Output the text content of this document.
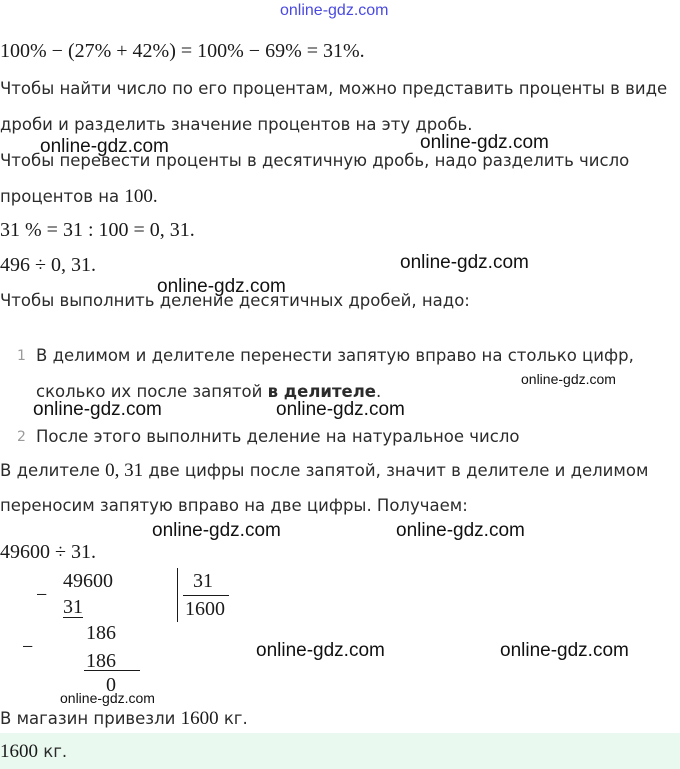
online-gdz.com
100% − (27% + 42%) = 100% − 69% = 31%.
Чтобы найти число по его процентам, можно представить проценты в виде
дроби и разделить значение процентов на эту дробь.
online-gdz.com	online-gdz.com
Чтобы перевести проценты в десятичную дробь, надо разделить число
процентов на 100.
31 % = 31 : 100 = 0, 31.
496 ÷ 0, 31.	online-gdz.com
online-gdz.com
Чтобы выполнить деление десятичных дробей, надо:
1 В делимом и делителе перенести запятую вправо на столько цифр,
сколько их после запятой в делителе.
online-gdz.com
online-gdz.com	online-gdz.com
2 После этого выполнить деление на натуральное число
В делителе 0, 31 две цифры после запятой, значит в делителе и делимом
переносим запятую вправо на две цифры. Получаем:
online-gdz.com	online-gdz.com
49600 ÷ 31.
−
49600
31
31
1600
−
186
186
0
online-gdz.com	online-gdz.com
online-gdz.com
В магазин привезли 1600 кг.
1600 кг.
